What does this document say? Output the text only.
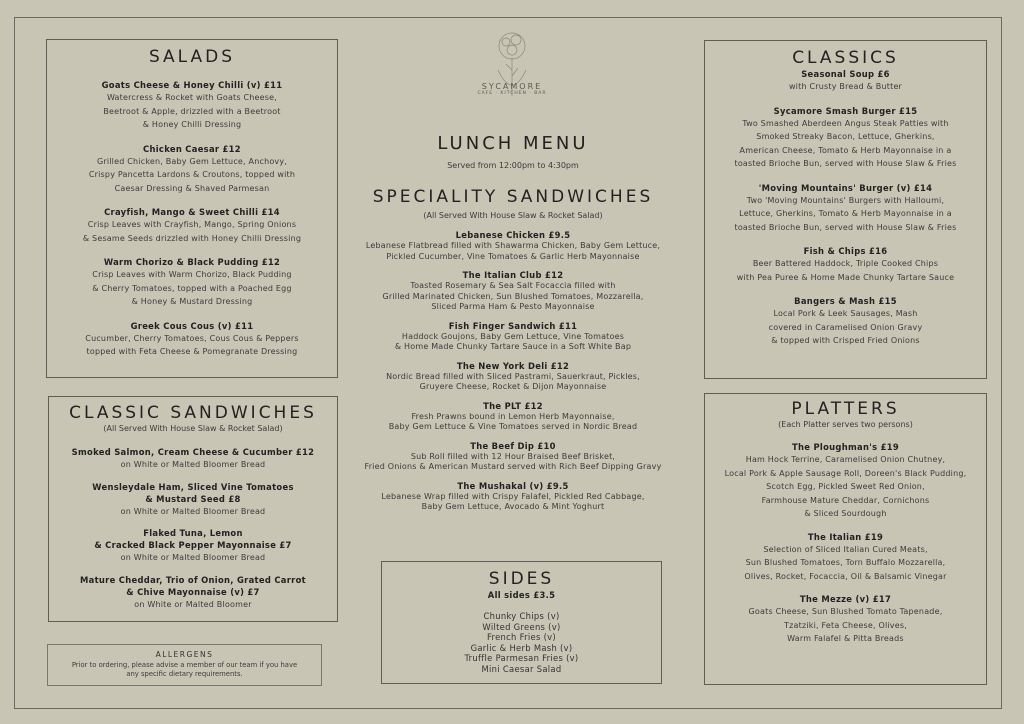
SALADS
Goats Cheese & Honey Chilli (v) £11
Watercress & Rocket with Goats Cheese,
Beetroot & Apple, drizzled with a Beetroot
& Honey Chilli Dressing
Chicken Caesar £12
Grilled Chicken, Baby Gem Lettuce, Anchovy,
Crispy Pancetta Lardons & Croutons, topped with
Caesar Dressing & Shaved Parmesan
Crayfish, Mango & Sweet Chilli £14
Crisp Leaves with Crayfish, Mango, Spring Onions
& Sesame Seeds drizzled with Honey Chilli Dressing
Warm Chorizo & Black Pudding £12
Crisp Leaves with Warm Chorizo, Black Pudding
& Cherry Tomatoes, topped with a Poached Egg
& Honey & Mustard Dressing
Greek Cous Cous (v) £11
Cucumber, Cherry Tomatoes, Cous Cous & Peppers
topped with Feta Cheese & Pomegranate Dressing
CLASSIC SANDWICHES
(All Served With House Slaw & Rocket Salad)
Smoked Salmon, Cream Cheese & Cucumber £12
on White or Malted Bloomer Bread
Wensleydale Ham, Sliced Vine Tomatoes
& Mustard Seed £8
on White or Malted Bloomer Bread
Flaked Tuna, Lemon
& Cracked Black Pepper Mayonnaise £7
on White or Malted Bloomer Bread
Mature Cheddar, Trio of Onion, Grated Carrot
& Chive Mayonnaise (v) £7
on White or Malted Bloomer
ALLERGENS
Prior to ordering, please advise a member of our team if you have
any specific dietary requirements.
SYCAMORE
CAFE · KITCHEN · BAR
LUNCH MENU
Served from 12:00pm to 4:30pm
SPECIALITY SANDWICHES
(All Served With House Slaw & Rocket Salad)
Lebanese Chicken £9.5
Lebanese Flatbread filled with Shawarma Chicken, Baby Gem Lettuce,
Pickled Cucumber, Vine Tomatoes & Garlic Herb Mayonnaise
The Italian Club £12
Toasted Rosemary & Sea Salt Focaccia filled with
Grilled Marinated Chicken, Sun Blushed Tomatoes, Mozzarella,
Sliced Parma Ham & Pesto Mayonnaise
Fish Finger Sandwich £11
Haddock Goujons, Baby Gem Lettuce, Vine Tomatoes
& Home Made Chunky Tartare Sauce in a Soft White Bap
The New York Deli £12
Nordic Bread filled with Sliced Pastrami, Sauerkraut, Pickles,
Gruyere Cheese, Rocket & Dijon Mayonnaise
The PLT £12
Fresh Prawns bound in Lemon Herb Mayonnaise,
Baby Gem Lettuce & Vine Tomatoes served in Nordic Bread
The Beef Dip £10
Sub Roll filled with 12 Hour Braised Beef Brisket,
Fried Onions & American Mustard served with Rich Beef Dipping Gravy
The Mushakal (v) £9.5
Lebanese Wrap filled with Crispy Falafel, Pickled Red Cabbage,
Baby Gem Lettuce, Avocado & Mint Yoghurt
SIDES
All sides £3.5
Chunky Chips (v)
Wilted Greens (v)
French Fries (v)
Garlic & Herb Mash (v)
Truffle Parmesan Fries (v)
Mini Caesar Salad
CLASSICS
Seasonal Soup £6
with Crusty Bread & Butter
Sycamore Smash Burger £15
Two Smashed Aberdeen Angus Steak Patties with
Smoked Streaky Bacon, Lettuce, Gherkins,
American Cheese, Tomato & Herb Mayonnaise in a
toasted Brioche Bun, served with House Slaw & Fries
'Moving Mountains' Burger (v) £14
Two 'Moving Mountains' Burgers with Halloumi,
Lettuce, Gherkins, Tomato & Herb Mayonnaise in a
toasted Brioche Bun, served with House Slaw & Fries
Fish & Chips £16
Beer Battered Haddock, Triple Cooked Chips
with Pea Puree & Home Made Chunky Tartare Sauce
Bangers & Mash £15
Local Pork & Leek Sausages, Mash
covered in Caramelised Onion Gravy
& topped with Crisped Fried Onions
PLATTERS
(Each Platter serves two persons)
The Ploughman's £19
Ham Hock Terrine, Caramelised Onion Chutney,
Local Pork & Apple Sausage Roll, Doreen's Black Pudding,
Scotch Egg, Pickled Sweet Red Onion,
Farmhouse Mature Cheddar, Cornichons
& Sliced Sourdough
The Italian £19
Selection of Sliced Italian Cured Meats,
Sun Blushed Tomatoes, Torn Buffalo Mozzarella,
Olives, Rocket, Focaccia, Oil & Balsamic Vinegar
The Mezze (v) £17
Goats Cheese, Sun Blushed Tomato Tapenade,
Tzatziki, Feta Cheese, Olives,
Warm Falafel & Pitta Breads
